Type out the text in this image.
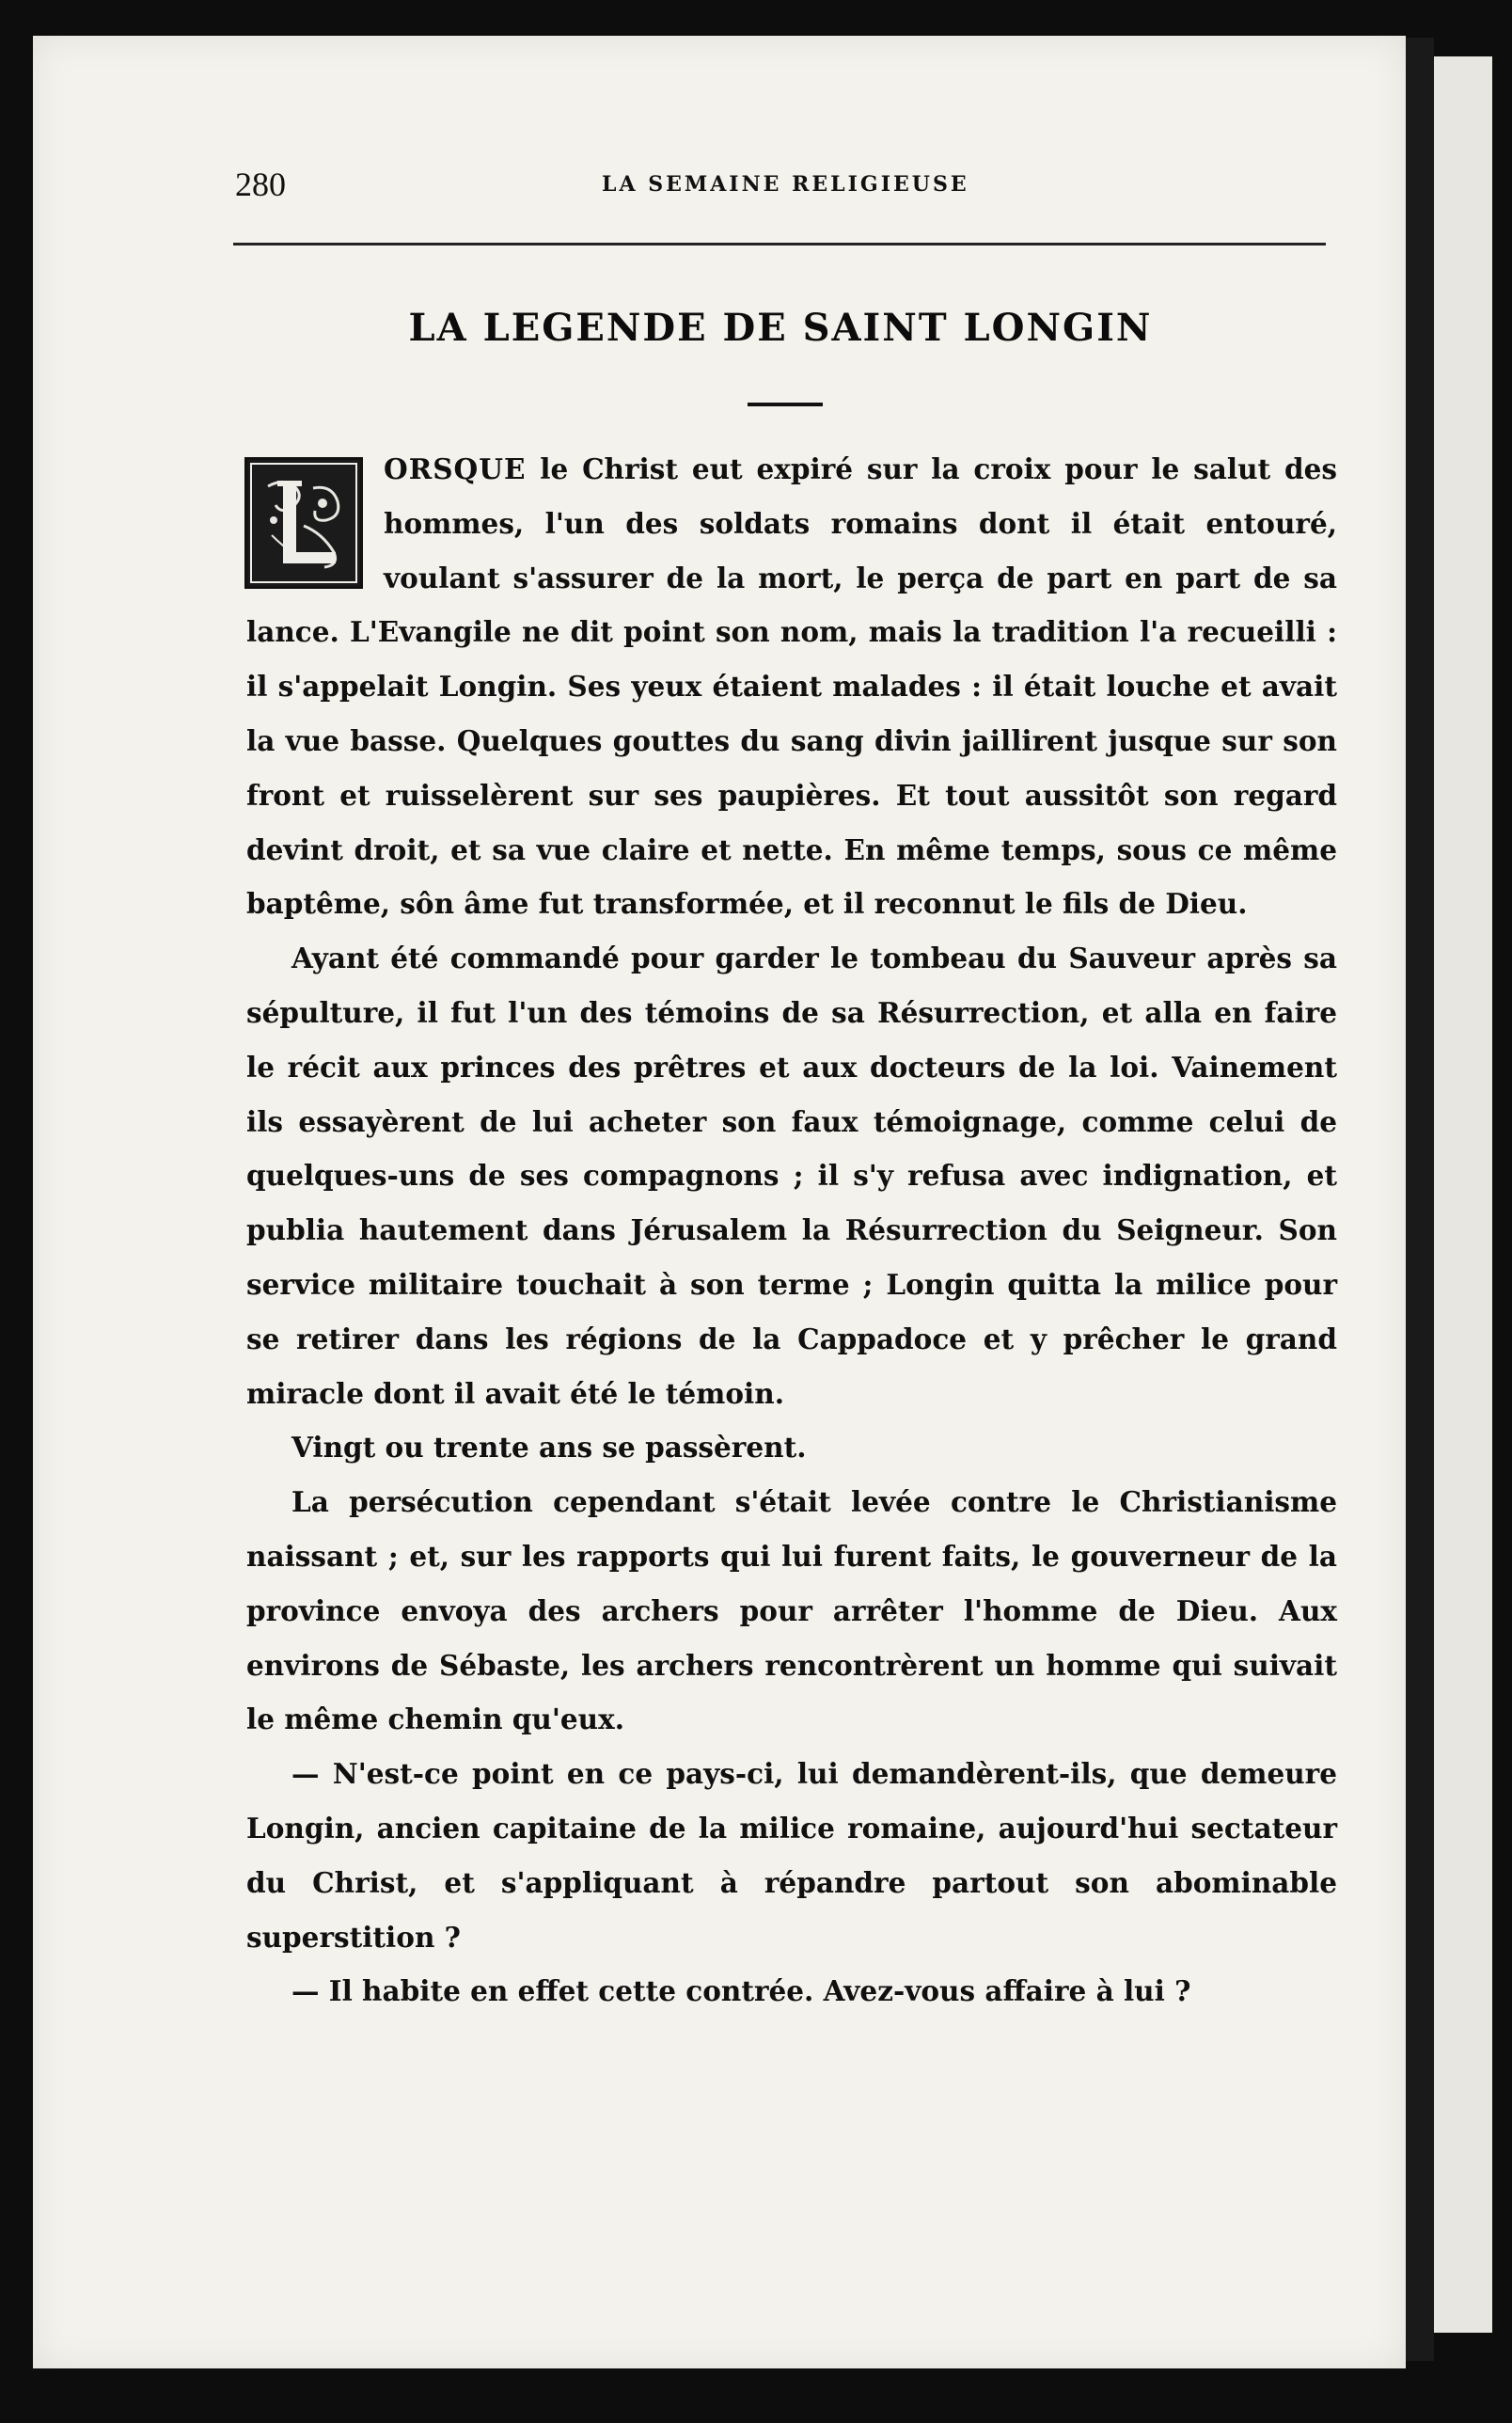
280	LA SEMAINE RELIGIEUSE
LA LEGENDE DE SAINT LONGIN

ORSQUE le Christ eut expiré sur la croix pour le salut des hommes, l'un des soldats romains dont il était entouré, voulant s'assurer de la mort, le perça de part en part de sa lance. L'Evangile ne dit point son nom, mais la tradition l'a recueilli : il s'appelait Longin. Ses yeux étaient malades : il était louche et avait la vue basse. Quelques gouttes du sang divin jaillirent jusque sur son front et ruisselèrent sur ses paupières. Et tout aussitôt son regard devint droit, et sa vue claire et nette. En même temps, sous ce même baptême, sôn âme fut transformée, et il reconnut le fils de Dieu.

Ayant été commandé pour garder le tombeau du Sauveur après sa sépulture, il fut l'un des témoins de sa Résurrection, et alla en faire le récit aux princes des prêtres et aux docteurs de la loi. Vainement ils essayèrent de lui acheter son faux témoignage, comme celui de quelques-uns de ses compagnons ; il s'y refusa avec indignation, et publia hautement dans Jérusalem la Résurrection du Seigneur. Son service militaire touchait à son terme ; Longin quitta la milice pour se retirer dans les régions de la Cappadoce et y prêcher le grand miracle dont il avait été le témoin.

Vingt ou trente ans se passèrent.

La persécution cependant s'était levée contre le Christianisme naissant ; et, sur les rapports qui lui furent faits, le gouverneur de la province envoya des archers pour arrêter l'homme de Dieu. Aux environs de Sébaste, les archers rencontrèrent un homme qui suivait le même chemin qu'eux.

— N'est-ce point en ce pays-ci, lui demandèrent-ils, que demeure Longin, ancien capitaine de la milice romaine, aujourd'hui sectateur du Christ, et s'appliquant à répandre partout son abominable superstition ?

— Il habite en effet cette contrée. Avez-vous affaire à lui ?
